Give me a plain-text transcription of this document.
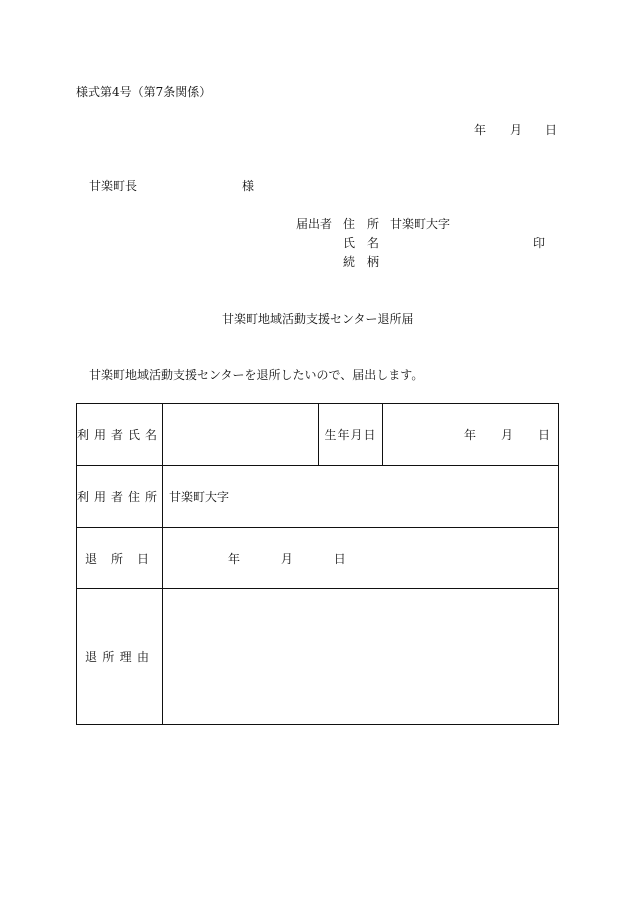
様式第4号（第7条関係）
年 月 日
甘楽町長	様
届出者 住　所 甘楽町大字
氏　名	印
続　柄
甘楽町地域活動支援センター退所届
甘楽町地域活動支援センターを退所したいので、届出します。
利用者氏名		生年月日	年 月 日

利用者住所	甘楽町大字		
退所日	年 月 日		
退所理由			
